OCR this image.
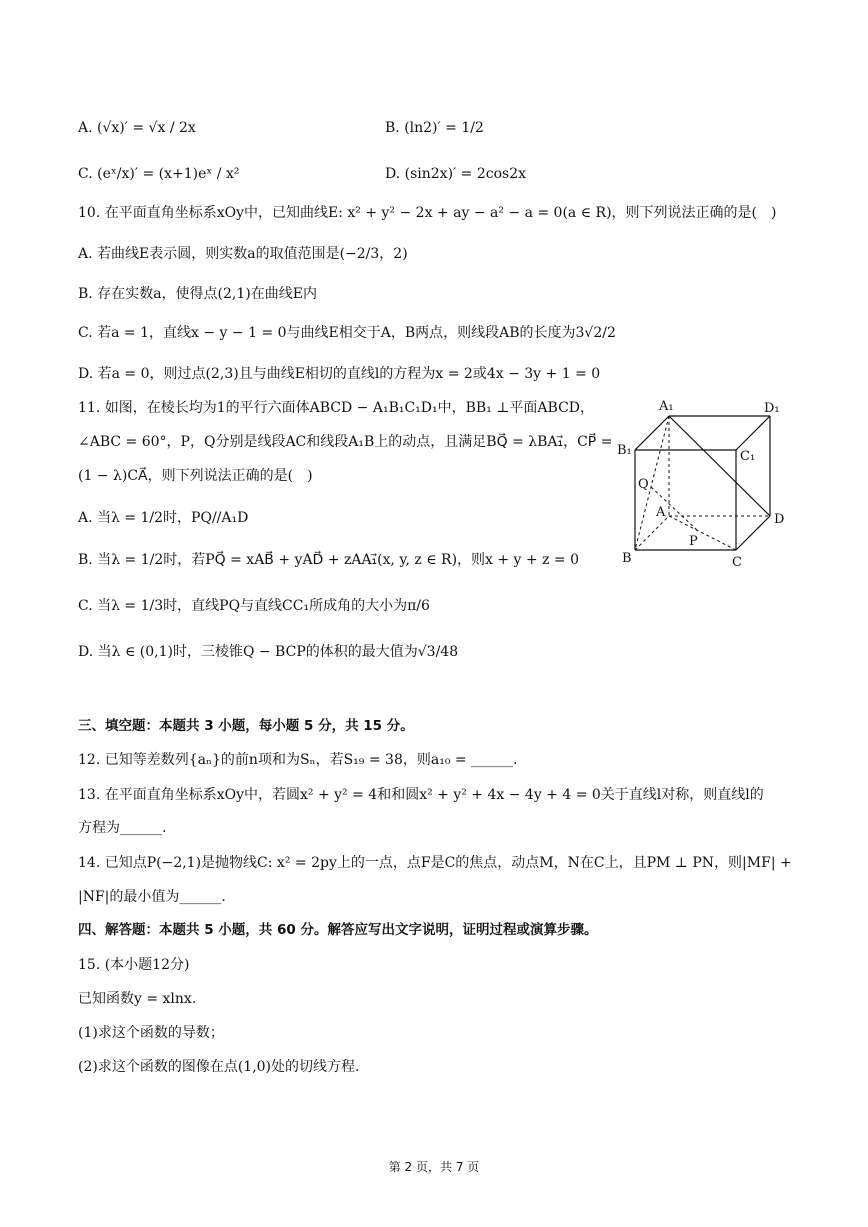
A. (√x)′ = √x / 2x	B. (ln2)′ = 1/2
C. (eˣ/x)′ = (x+1)eˣ / x²	D. (sin2x)′ = 2cos2x
10. 在平面直角坐标系xOy中，已知曲线E: x² + y² − 2x + ay − a² − a = 0(a ∈ R)，则下列说法正确的是(　)
A. 若曲线E表示圆，则实数a的取值范围是(−2/3，2)
B. 存在实数a，使得点(2,1)在曲线E内
C. 若a = 1，直线x − y − 1 = 0与曲线E相交于A，B两点，则线段AB的长度为3√2/2
D. 若a = 0，则过点(2,3)且与曲线E相切的直线l的方程为x = 2或4x − 3y + 1 = 0
11. 如图，在棱长均为1的平行六面体ABCD − A₁B₁C₁D₁中，BB₁ ⊥平面ABCD，
∠ABC = 60°，P，Q分别是线段AC和线段A₁B上的动点，且满足BQ⃗ = λBA₁⃗，CP⃗ =
(1 − λ)CA⃗，则下列说法正确的是(　)
A. 当λ = 1/2时，PQ//A₁D
B. 当λ = 1/2时，若PQ⃗ = xAB⃗ + yAD⃗ + zAA₁⃗(x, y, z ∈ R)，则x + y + z = 0
C. 当λ = 1/3时，直线PQ与直线CC₁所成角的大小为π/6
D. 当λ ∈ (0,1)时，三棱锥Q − BCP的体积的最大值为√3/48
A₁	D₁
B₁	C₁
Q
A	D
P
B	C
三、填空题：本题共 3 小题，每小题 5 分，共 15 分。
12. 已知等差数列{aₙ}的前n项和为Sₙ，若S₁₉ = 38，则a₁₀ = ______.
13. 在平面直角坐标系xOy中，若圆x² + y² = 4和和圆x² + y² + 4x − 4y + 4 = 0关于直线l对称，则直线l的
方程为______.
14. 已知点P(−2,1)是抛物线C: x² = 2py上的一点，点F是C的焦点，动点M，N在C上，且PM ⊥ PN，则|MF| +
|NF|的最小值为______.
四、解答题：本题共 5 小题，共 60 分。解答应写出文字说明，证明过程或演算步骤。
15. (本小题12分)
已知函数y = xlnx.
(1)求这个函数的导数；
(2)求这个函数的图像在点(1,0)处的切线方程.
第 2 页，共 7 页
